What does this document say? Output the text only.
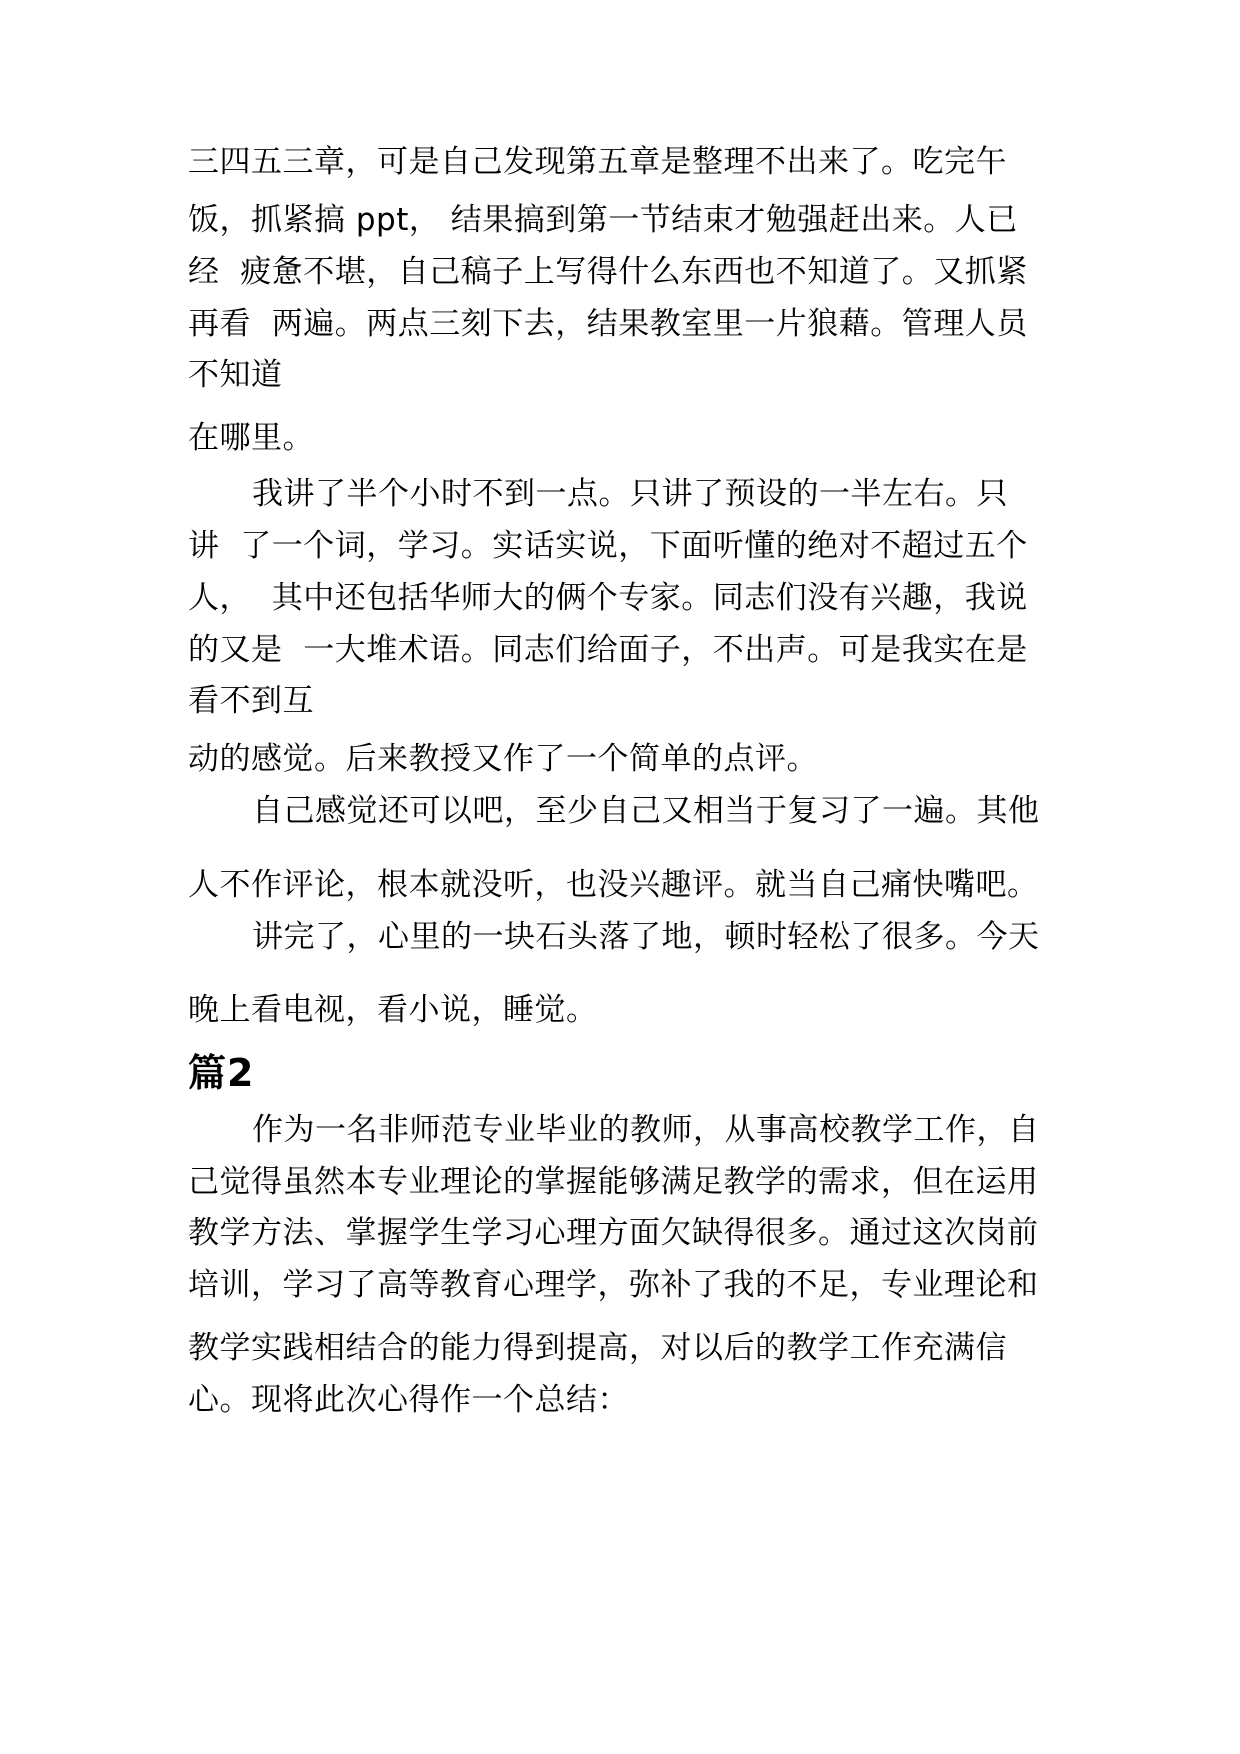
三四五三章，可是自己发现第五章是整理不出来了。吃完午
饭，抓紧搞 ppt， 结果搞到第一节结束才勉强赶出来。人已
经  疲惫不堪，自己稿子上写得什么东西也不知道了。又抓紧
再看  两遍。两点三刻下去，结果教室里一片狼藉。管理人员
不知道
在哪里。
我讲了半个小时不到一点。只讲了预设的一半左右。只
讲  了一个词，学习。实话实说，下面听懂的绝对不超过五个
人，  其中还包括华师大的俩个专家。同志们没有兴趣，我说
的又是  一大堆术语。同志们给面子，不出声。可是我实在是
看不到互
动的感觉。后来教授又作了一个简单的点评。
自己感觉还可以吧，至少自己又相当于复习了一遍。其他
人不作评论，根本就没听，也没兴趣评。就当自己痛快嘴吧。
讲完了，心里的一块石头落了地，顿时轻松了很多。今天
晚上看电视，看小说，睡觉。
篇2
作为一名非师范专业毕业的教师，从事高校教学工作，自
己觉得虽然本专业理论的掌握能够满足教学的需求，但在运用
教学方法、掌握学生学习心理方面欠缺得很多。通过这次岗前
培训，学习了高等教育心理学，弥补了我的不足，专业理论和
教学实践相结合的能力得到提高，对以后的教学工作充满信
心。现将此次心得作一个总结：
